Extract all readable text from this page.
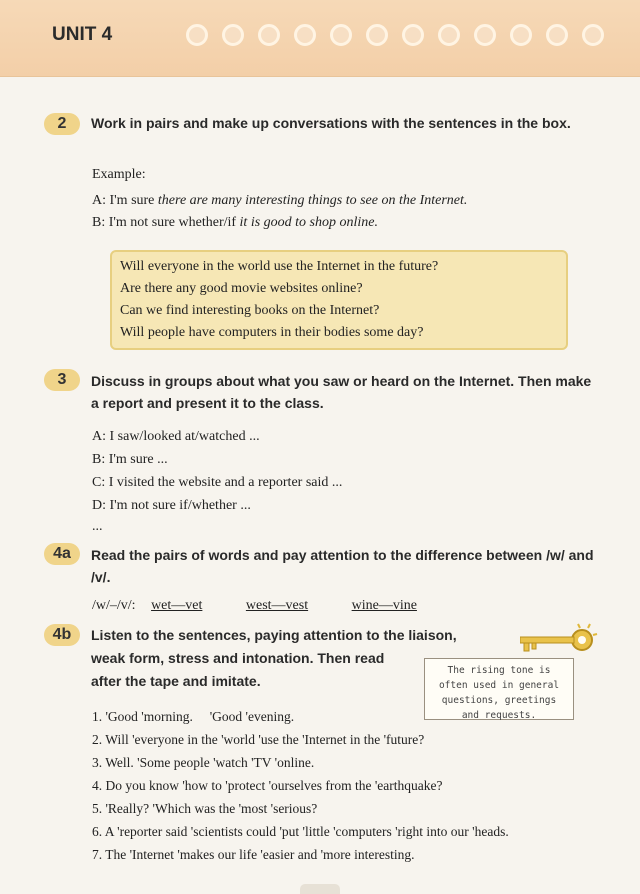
UNIT 4
2	Work in pairs and make up conversations with the sentences in the box.
Example:
A: I'm sure there are many interesting things to see on the Internet.
B: I'm not sure whether/if it is good to shop online.
Will everyone in the world use the Internet in the future?
Are there any good movie websites online?
Can we find interesting books on the Internet?
Will people have computers in their bodies some day?
3	Discuss in groups about what you saw or heard on the Internet. Then make a report and present it to the class.
A: I saw/looked at/watched ...
B: I'm sure ...
C: I visited the website and a reporter said ...
D: I'm not sure if/whether ...
...
4a	Read the pairs of words and pay attention to the difference between /w/ and /v/.
/w/–/v/: wet—vet	west—vest	wine—vine
4b	Listen to the sentences, paying attention to the liaison,
weak form, stress and intonation. Then read
after the tape and imitate.
The rising tone is often used in general questions, greetings and requests.
1. 'Good 'morning.     'Good 'evening.
2. Will 'everyone in the 'world 'use the 'Internet in the 'future?
3. Well. 'Some people 'watch 'TV 'online.
4. Do you know 'how to 'protect 'ourselves from the 'earthquake?
5. 'Really? 'Which was the 'most 'serious?
6. A 'reporter said 'scientists could 'put 'little 'computers 'right into our 'heads.
7. The 'Internet 'makes our life 'easier and 'more interesting.
